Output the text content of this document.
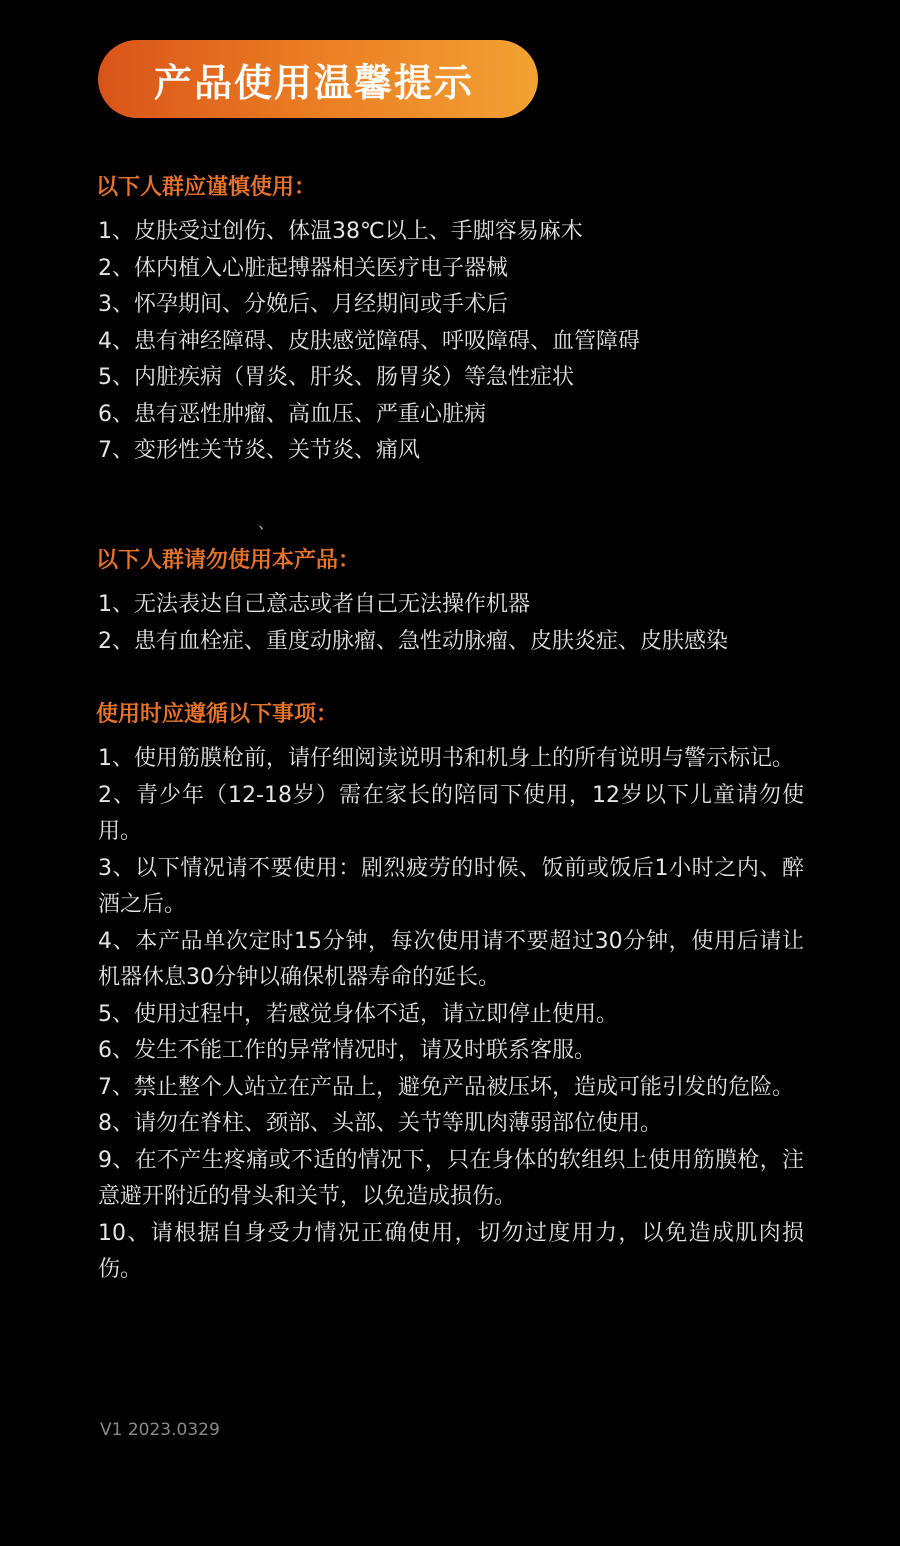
产品使用温馨提示
以下人群应谨慎使用：
1、皮肤受过创伤、体温38℃以上、手脚容易麻木
2、体内植入心脏起搏器相关医疗电子器械
3、怀孕期间、分娩后、月经期间或手术后
4、患有神经障碍、皮肤感觉障碍、呼吸障碍、血管障碍
5、内脏疾病（胃炎、肝炎、肠胃炎）等急性症状
6、患有恶性肿瘤、高血压、严重心脏病
7、变形性关节炎、关节炎、痛风
、
以下人群请勿使用本产品：
1、无法表达自己意志或者自己无法操作机器
2、患有血栓症、重度动脉瘤、急性动脉瘤、皮肤炎症、皮肤感染
使用时应遵循以下事项：
1、使用筋膜枪前，请仔细阅读说明书和机身上的所有说明与警示标记。
2、青少年（12-18岁）需在家长的陪同下使用，12岁以下儿童请勿使用。
3、以下情况请不要使用：剧烈疲劳的时候、饭前或饭后1小时之内、醉酒之后。
4、本产品单次定时15分钟，每次使用请不要超过30分钟，使用后请让机器休息30分钟以确保机器寿命的延长。
5、使用过程中，若感觉身体不适，请立即停止使用。
6、发生不能工作的异常情况时，请及时联系客服。
7、禁止整个人站立在产品上，避免产品被压坏，造成可能引发的危险。
8、请勿在脊柱、颈部、头部、关节等肌肉薄弱部位使用。
9、在不产生疼痛或不适的情况下，只在身体的软组织上使用筋膜枪，注意避开附近的骨头和关节，以免造成损伤。
10、请根据自身受力情况正确使用，切勿过度用力，以免造成肌肉损伤。
V1 2023.0329
